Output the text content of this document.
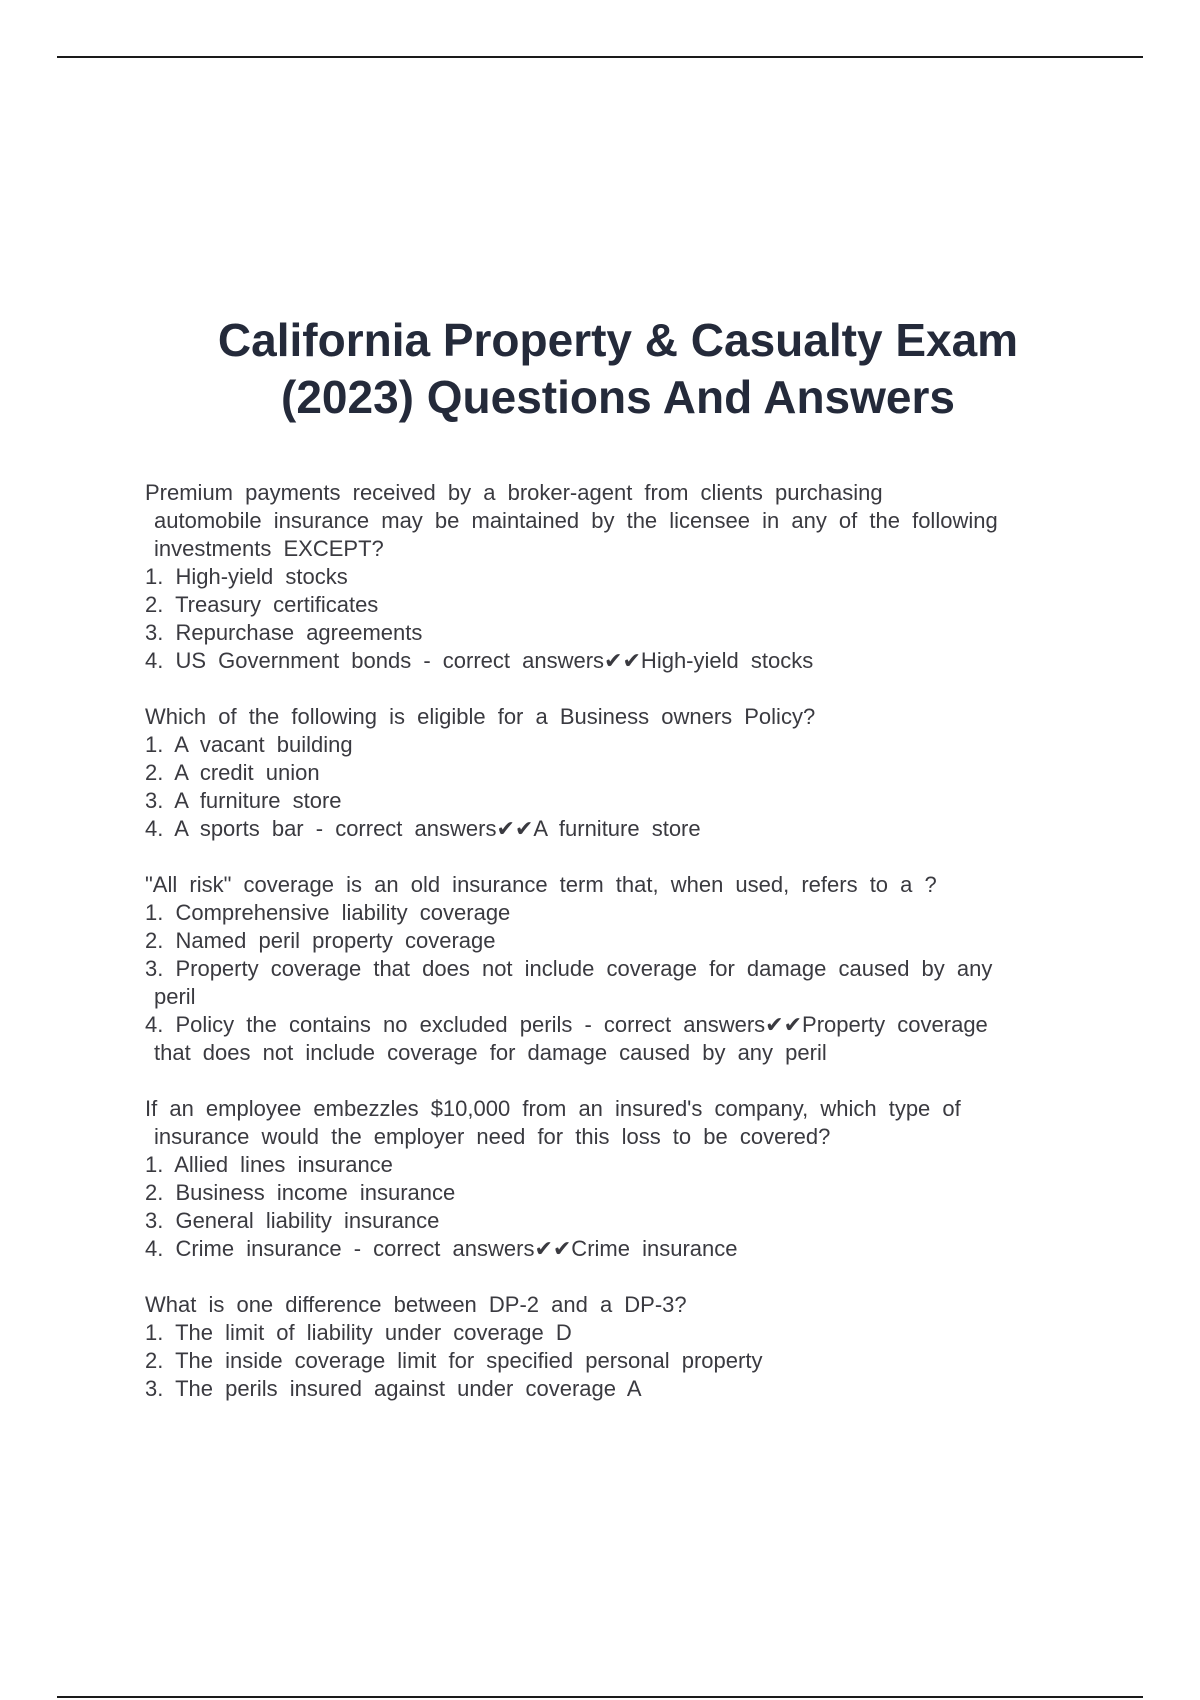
California Property & Casualty Exam
(2023) Questions And Answers
Premium payments received by a broker-agent from clients purchasing
automobile insurance may be maintained by the licensee in any of the following
investments EXCEPT?
1. High-yield stocks
2. Treasury certificates
3. Repurchase agreements
4. US Government bonds - correct answers✔✔High-yield stocks
Which of the following is eligible for a Business owners Policy?
1. A vacant building
2. A credit union
3. A furniture store
4. A sports bar - correct answers✔✔A furniture store
"All risk" coverage is an old insurance term that, when used, refers to a ?
1. Comprehensive liability coverage
2. Named peril property coverage
3. Property coverage that does not include coverage for damage caused by any
peril
4. Policy the contains no excluded perils - correct answers✔✔Property coverage
that does not include coverage for damage caused by any peril
If an employee embezzles $10,000 from an insured's company, which type of
insurance would the employer need for this loss to be covered?
1. Allied lines insurance
2. Business income insurance
3. General liability insurance
4. Crime insurance - correct answers✔✔Crime insurance
What is one difference between DP-2 and a DP-3?
1. The limit of liability under coverage D
2. The inside coverage limit for specified personal property
3. The perils insured against under coverage A
